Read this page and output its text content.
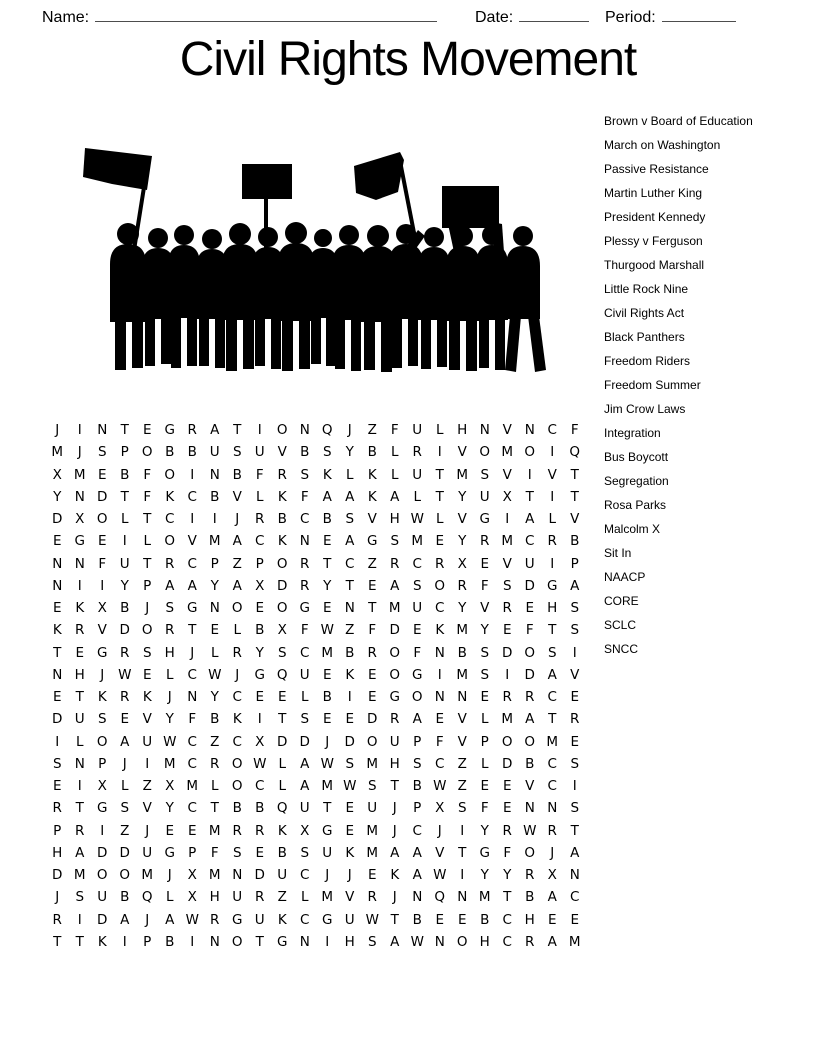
Name:	Date:	Period:
Civil Rights Movement
Brown v Board of Education
March on Washington
Passive Resistance
Martin Luther King
President Kennedy
Plessy v Ferguson
Thurgood Marshall
Little Rock Nine
Civil Rights Act
Black Panthers
Freedom Riders
Freedom Summer
Jim Crow Laws
Integration
Bus Boycott
Segregation
Rosa Parks
Malcolm X
Sit In
NAACP
CORE
SCLC
SNCC
J	I	N T	E G R A	T	I	O N Q	J	Z	F	U	L	H N V N C	F
M	J	S	P O B B U S U V B	S	Y	B	L	R	I	V O M O	I	Q
X M E	B	F O	I	N B	F	R	S	K	L	K	L	U T M S	V	I	V	T
Y N D T	F	K C B V	L	K	F	A A K A	L	T	Y U X	T	I	T
D X O L	T	C	I	I	J	R B C B	S	V H W L	V G	I	A	L	V
E G E	I	L O V M A C K N E	A G S M E	Y	R M C R B
N N	F	U T	R C	P	Z	P O R	T	C Z R C R X	E	V U	I	P
N	I	I	Y	P	A A	Y	A X D R	Y	T	E	A	S O R	F	S D G A
E	K X B	J	S G N O E O G E N T M U C	Y	V R	E H S
K R V D O R	T	E	L	B X	F W Z	F D E	K M Y	E	F	T	S
T	E G R	S H	J	L	R	Y	S	C M B R O F	N B	S D O S	I
N H	J	W E	L	C W	J	G Q U E	K	E O G	I	M S	I	D A V
E	T	K R K	J	N Y	C	E	E	L	B	I	E G O N N E	R R C	E
D U S	E	V	Y	F	B K	I	T	S	E	E D R A	E	V	L M A	T	R
I	L O A U W C Z C X D D	J	D O U P	F	V	P O O M E
S N P	J	I	M C R O W L	A W S M H S	C Z	L	D B C S
E	I	X	L	Z X M L O C	L	A M W S	T	B W Z	E	E	V C	I
R	T G S	V	Y	C	T	B B Q U T	E U	J	P	X	S	F	E N N S
P	R	I	Z	J	E	E M R R K X G E M	J	C	J	I	Y	R W R	T
H A D D U G P	F	S	E	B	S U K M A A V	T G F O	J	A
D M O O M	J	X M N D U C	J	J	E	K A W	I	Y	Y	R X N
J	S U B Q L	X H U R Z	L M V R	J	N Q N M T	B A C
R	I	D A	J	A W R G U K C G U W T	B	E	E	B C H E	E
T	T	K	I	P	B	I	N O T G N	I	H S	A W N O H C R A M
